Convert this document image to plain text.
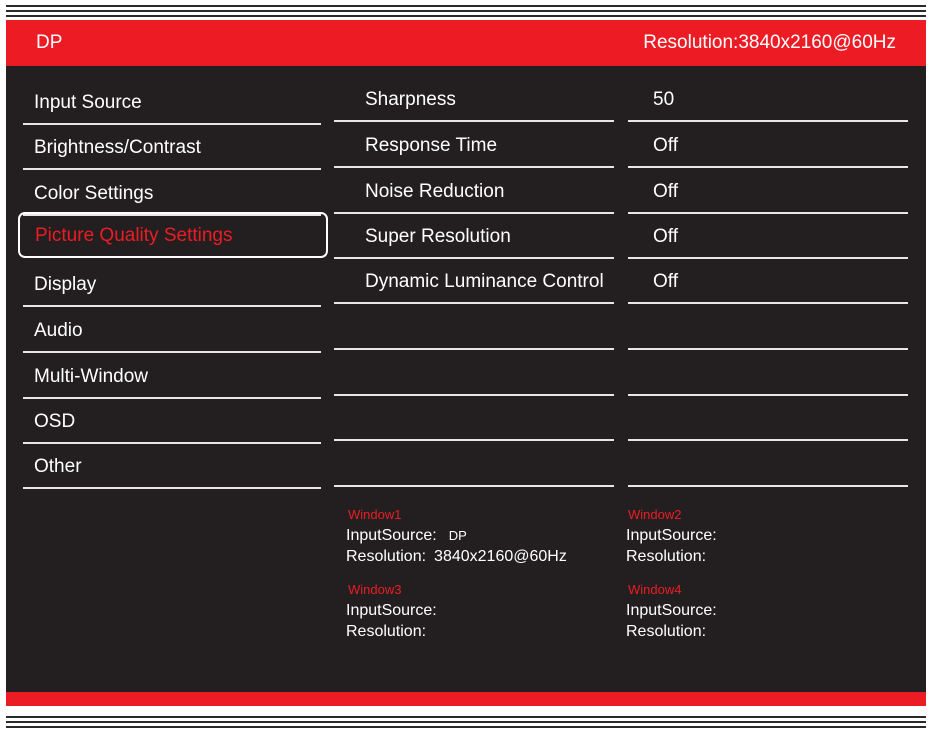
DP	Resolution:3840x2160@60Hz
Input Source
Brightness/Contrast
Color Settings
Picture Quality Settings
Display
Audio
Multi-Window
OSD
Other
Sharpness
Response Time
Noise Reduction
Super Resolution
Dynamic Luminance Control
50
Off
Off
Off
Off
Window1
InputSource: DP
Resolution: 3840x2160@60Hz
Window2
InputSource:
Resolution:
Window3
InputSource:
Resolution:
Window4
InputSource:
Resolution:
